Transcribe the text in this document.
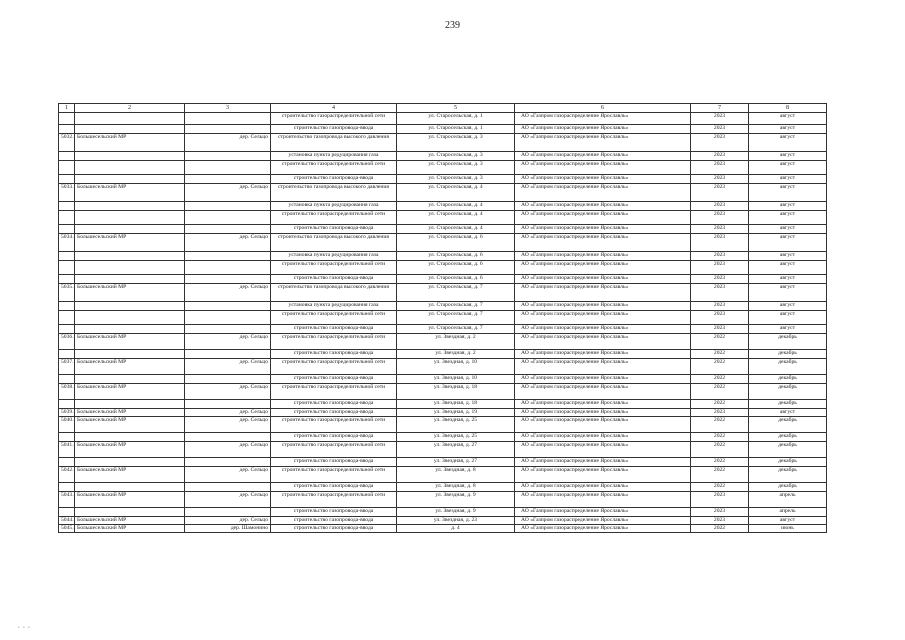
239
1	2	3	4	5	6	7	8
			строительство газораспределительной сети	ул. Старосельская, д. 1	АО «Газпром газораспределение Ярославль»	2023	август
			строительство газопровода-ввода	ул. Старосельская, д. 1	АО «Газпром газораспределение Ярославль»	2023	август
5032.	Большесельский МР	дер. Сельцо	строительство газопровода высокого давления	ул. Старосельская, д. 3	АО «Газпром газораспределение Ярославль»	2023	август
			установка пункта редуцирования газа	ул. Старосельская, д. 3	АО «Газпром газораспределение Ярославль»	2023	август
			строительство газораспределительной сети	ул. Старосельская, д. 3	АО «Газпром газораспределение Ярославль»	2023	август
			строительство газопровода-ввода	ул. Старосельская, д. 3	АО «Газпром газораспределение Ярославль»	2023	август
5033.	Большесельский МР	дер. Сельцо	строительство газопровода высокого давления	ул. Старосельская, д. 4	АО «Газпром газораспределение Ярославль»	2023	август
			установка пункта редуцирования газа	ул. Старосельская, д. 4	АО «Газпром газораспределение Ярославль»	2023	август
			строительство газораспределительной сети	ул. Старосельская, д. 4	АО «Газпром газораспределение Ярославль»	2023	август
			строительство газопровода-ввода	ул. Старосельская, д. 4	АО «Газпром газораспределение Ярославль»	2023	август
5034.	Большесельский МР	дер. Сельцо	строительство газопровода высокого давления	ул. Старосельская, д. 6	АО «Газпром газораспределение Ярославль»	2023	август
			установка пункта редуцирования газа	ул. Старосельская, д. 6	АО «Газпром газораспределение Ярославль»	2023	август
			строительство газораспределительной сети	ул. Старосельская, д. 6	АО «Газпром газораспределение Ярославль»	2023	август
			строительство газопровода-ввода	ул. Старосельская, д. 6	АО «Газпром газораспределение Ярославль»	2023	август
5035.	Большесельский МР	дер. Сельцо	строительство газопровода высокого давления	ул. Старосельская, д. 7	АО «Газпром газораспределение Ярославль»	2023	август
			установка пункта редуцирования газа	ул. Старосельская, д. 7	АО «Газпром газораспределение Ярославль»	2023	август
			строительство газораспределительной сети	ул. Старосельская, д. 7	АО «Газпром газораспределение Ярославль»	2023	август
			строительство газопровода-ввода	ул. Старосельская, д. 7	АО «Газпром газораспределение Ярославль»	2023	август
5036.	Большесельский МР	дер. Сельцо	строительство газораспределительной сети	ул. Звездная, д. 2	АО «Газпром газораспределение Ярославль»	2022	декабрь
			строительство газопровода-ввода	ул. Звездная, д. 2	АО «Газпром газораспределение Ярославль»	2022	декабрь
5037.	Большесельский МР	дер. Сельцо	строительство газораспределительной сети	ул. Звездная, д. 10	АО «Газпром газораспределение Ярославль»	2022	декабрь
			строительство газопровода-ввода	ул. Звездная, д. 10	АО «Газпром газораспределение Ярославль»	2022	декабрь
5038.	Большесельский МР	дер. Сельцо	строительство газораспределительной сети	ул. Звездная, д. 18	АО «Газпром газораспределение Ярославль»	2022	декабрь
			строительство газопровода-ввода	ул. Звездная, д. 18	АО «Газпром газораспределение Ярославль»	2022	декабрь
5039.	Большесельский МР	дер. Сельцо	строительство газопровода-ввода	ул. Звездная, д. 19	АО «Газпром газораспределение Ярославль»	2023	август
5040.	Большесельский МР	дер. Сельцо	строительство газораспределительной сети	ул. Звездная, д. 25	АО «Газпром газораспределение Ярославль»	2022	декабрь
			строительство газопровода-ввода	ул. Звездная, д. 25	АО «Газпром газораспределение Ярославль»	2022	декабрь
5041.	Большесельский МР	дер. Сельцо	строительство газораспределительной сети	ул. Звездная, д. 27	АО «Газпром газораспределение Ярославль»	2022	декабрь
			строительство газопровода-ввода	ул. Звездная, д. 27	АО «Газпром газораспределение Ярославль»	2022	декабрь
5042.	Большесельский МР	дер. Сельцо	строительство газораспределительной сети	ул. Звездная, д. 8	АО «Газпром газораспределение Ярославль»	2022	декабрь
			строительство газопровода-ввода	ул. Звездная, д. 8	АО «Газпром газораспределение Ярославль»	2022	декабрь
5043.	Большесельский МР	дер. Сельцо	строительство газораспределительной сети	ул. Звездная, д. 9	АО «Газпром газораспределение Ярославль»	2023	апрель
			строительство газопровода-ввода	ул. Звездная, д. 9	АО «Газпром газораспределение Ярославль»	2023	апрель
5044.	Большесельский МР	дер. Сельцо	строительство газопровода-ввода	ул. Звездная, д. 23	АО «Газпром газораспределение Ярославль»	2023	август
5045.	Большесельский МР	дер. Шамонино	строительство газопровода-ввода	д. 4	АО «Газпром газораспределение Ярославль»	2022	июнь
• • •
